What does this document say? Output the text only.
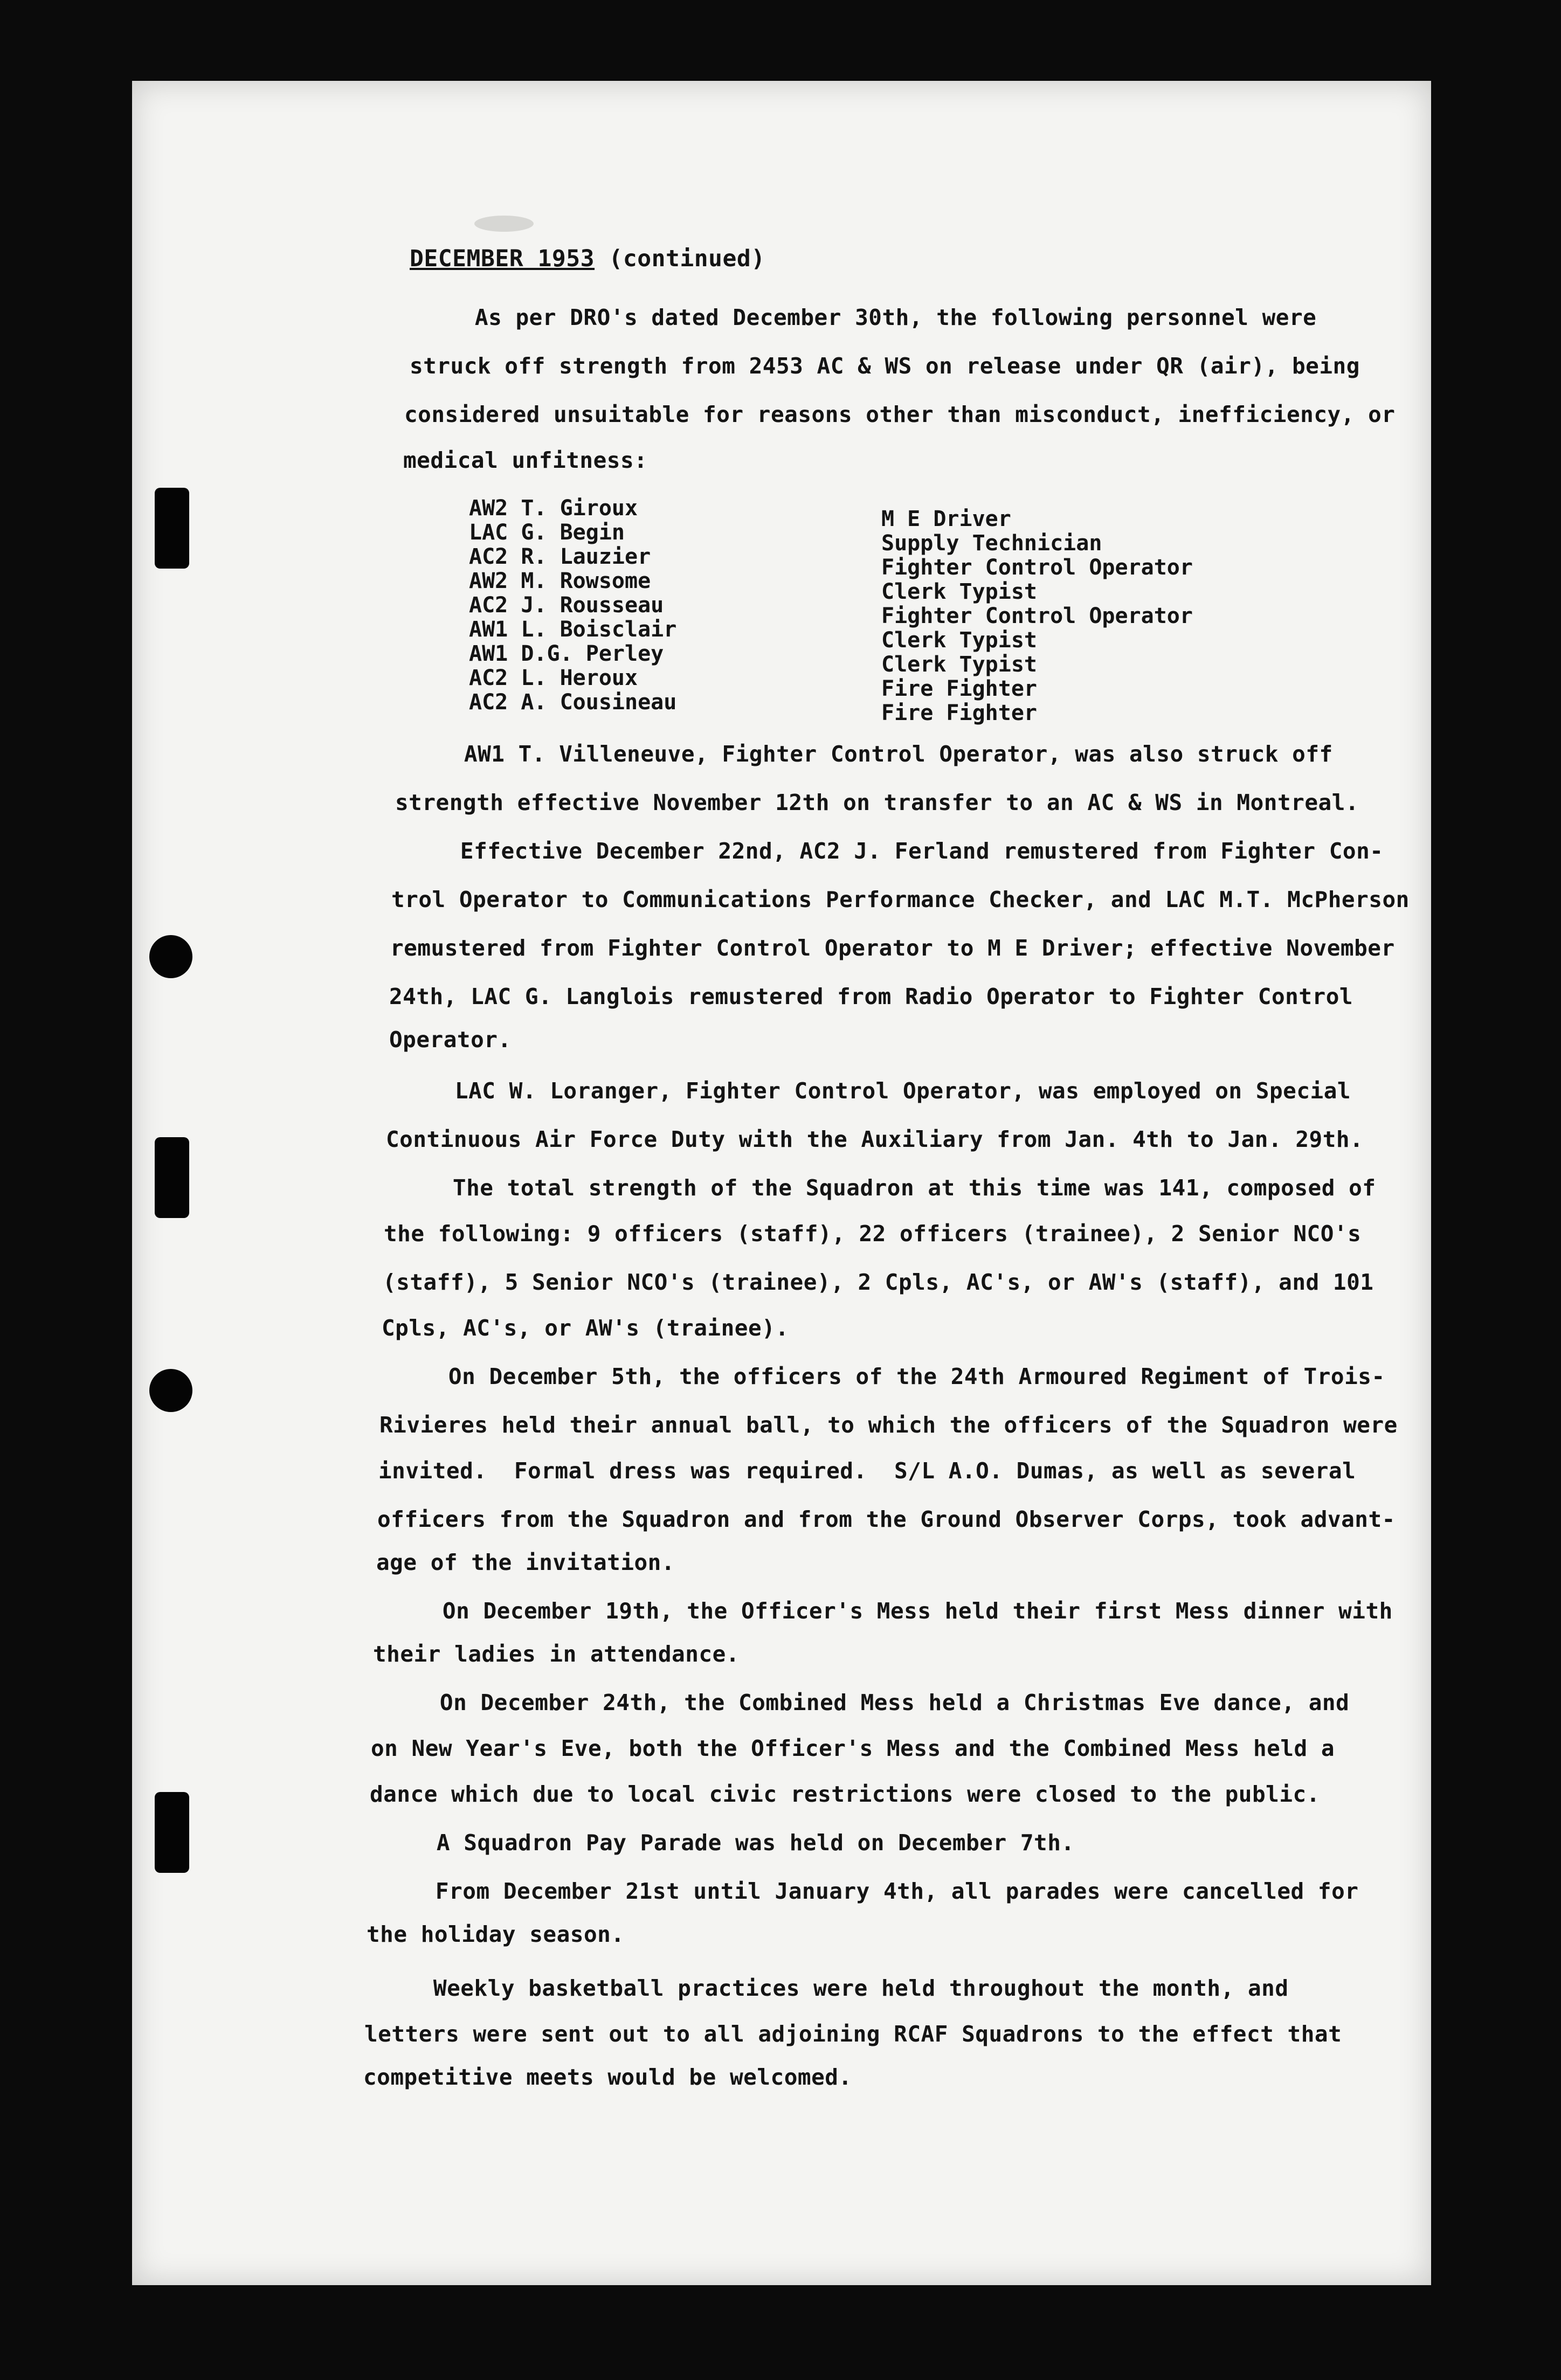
DECEMBER 1953 (continued)
As per DRO's dated December 30th, the following personnel were
struck off strength from 2453 AC & WS on release under QR (air), being
considered unsuitable for reasons other than misconduct, inefficiency, or
medical unfitness:
AW2 T. Giroux	M E Driver
LAC G. Begin	Supply Technician
AC2 R. Lauzier	Fighter Control Operator
AW2 M. Rowsome	Clerk Typist
AC2 J. Rousseau	Fighter Control Operator
AW1 L. Boisclair	Clerk Typist
AW1 D.G. Perley	Clerk Typist
AC2 L. Heroux	Fire Fighter
AC2 A. Cousineau	Fire Fighter
AW1 T. Villeneuve, Fighter Control Operator, was also struck off
strength effective November 12th on transfer to an AC & WS in Montreal.
Effective December 22nd, AC2 J. Ferland remustered from Fighter Con-
trol Operator to Communications Performance Checker, and LAC M.T. McPherson
remustered from Fighter Control Operator to M E Driver; effective November
24th, LAC G. Langlois remustered from Radio Operator to Fighter Control
Operator.
LAC W. Loranger, Fighter Control Operator, was employed on Special
Continuous Air Force Duty with the Auxiliary from Jan. 4th to Jan. 29th.
The total strength of the Squadron at this time was 141, composed of
the following: 9 officers (staff), 22 officers (trainee), 2 Senior NCO's
(staff), 5 Senior NCO's (trainee), 2 Cpls, AC's, or AW's (staff), and 101
Cpls, AC's, or AW's (trainee).
On December 5th, the officers of the 24th Armoured Regiment of Trois-
Rivieres held their annual ball, to which the officers of the Squadron were
invited.  Formal dress was required.  S/L A.O. Dumas, as well as several
officers from the Squadron and from the Ground Observer Corps, took advant-
age of the invitation.
On December 19th, the Officer's Mess held their first Mess dinner with
their ladies in attendance.
On December 24th, the Combined Mess held a Christmas Eve dance, and
on New Year's Eve, both the Officer's Mess and the Combined Mess held a
dance which due to local civic restrictions were closed to the public.
A Squadron Pay Parade was held on December 7th.
From December 21st until January 4th, all parades were cancelled for
the holiday season.
Weekly basketball practices were held throughout the month, and
letters were sent out to all adjoining RCAF Squadrons to the effect that
competitive meets would be welcomed.
